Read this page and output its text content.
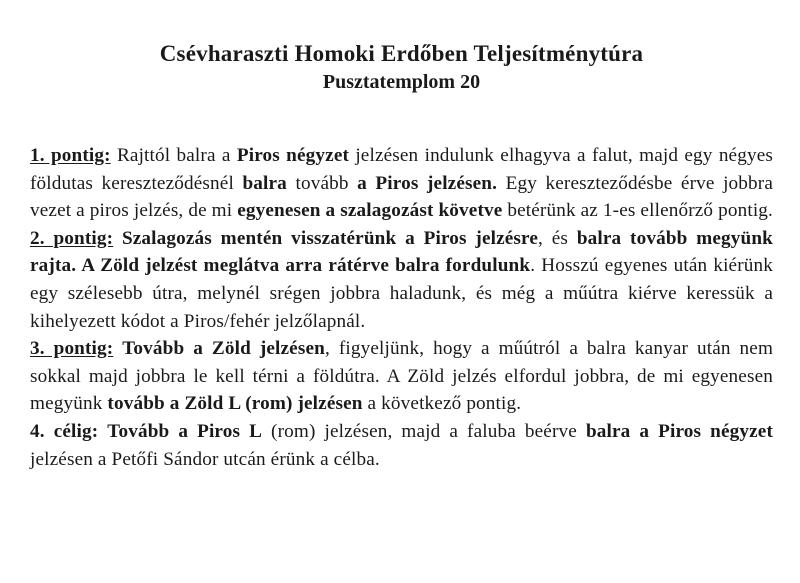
Csévharaszti Homoki Erdőben Teljesítménytúra
Pusztatemplom 20

1. pontig: Rajttól balra a Piros négyzet jelzésen indulunk elhagyva a falut, majd egy négyes földutas kereszteződésnél balra tovább a Piros jelzésen. Egy kereszteződésbe érve jobbra vezet a piros jelzés, de mi egyenesen a szalagozást követve betérünk az 1-es ellenőrző pontig.

2. pontig: Szalagozás mentén visszatérünk a Piros jelzésre, és balra tovább megyünk rajta. A Zöld jelzést meglátva arra rátérve balra fordulunk. Hosszú egyenes után kiérünk egy szélesebb útra, melynél srégen jobbra haladunk, és még a műútra kiérve keressük a kihelyezett kódot a Piros/fehér jelzőlapnál.

3. pontig: Tovább a Zöld jelzésen, figyeljünk, hogy a műútról a balra kanyar után nem sokkal majd jobbra le kell térni a földútra. A Zöld jelzés elfordul jobbra, de mi egyenesen megyünk tovább a Zöld L (rom) jelzésen a következő pontig.

4. célig: Tovább a Piros L (rom) jelzésen, majd a faluba beérve balra a Piros négyzet jelzésen a Petőfi Sándor utcán érünk a célba.
